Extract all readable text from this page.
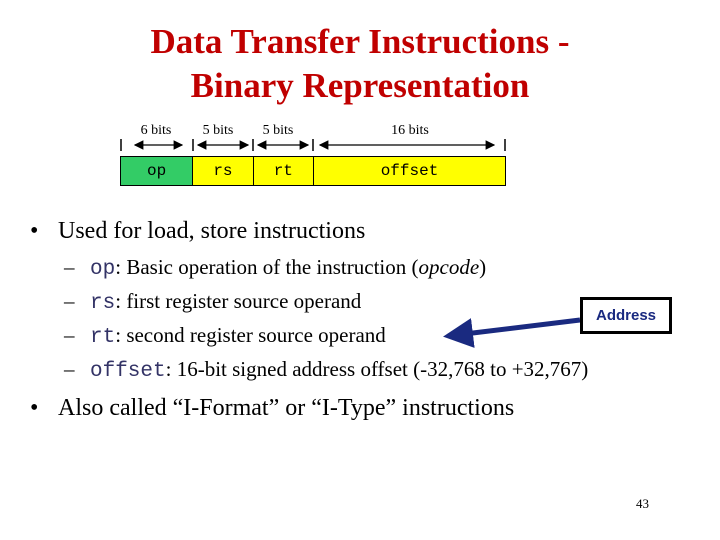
Data Transfer Instructions -
Binary Representation
6 bits	5 bits	5 bits	16 bits
op	rs	rt	offset
• Used for load, store instructions
– op: Basic operation of the instruction (opcode)
– rs: first register source operand
– rt: second register source operand
– offset: 16-bit signed address offset (-32,768 to +32,767)
Address
• Also called “I-Format” or “I-Type” instructions
43
